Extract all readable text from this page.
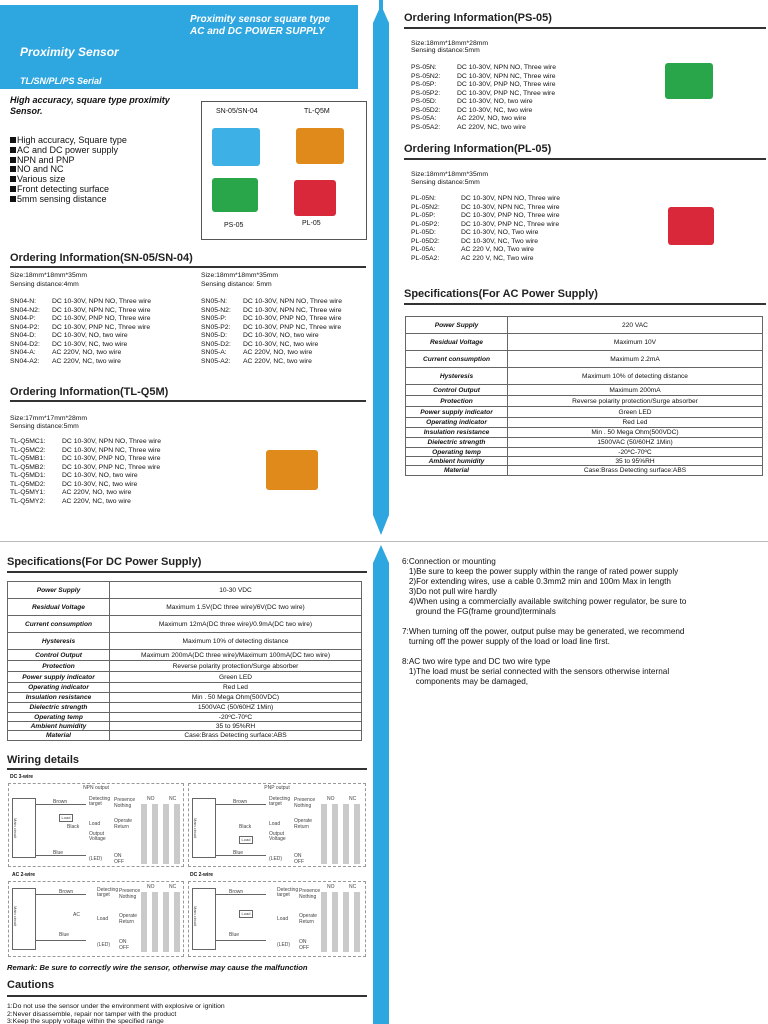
Proximity sensor square type
AC and DC POWER SUPPLY
Proximity Sensor
TL/SN/PL/PS Serial
High accuracy, square type proximity Sensor.
High accuracy, Square type
AC and DC power supply
NPN and PNP
NO and NC
Various size
Front detecting surface
5mm sensing distance
SN-05/SN-04	TL-Q5M
PS-05	PL-05
Ordering Information(SN-05/SN-04)
Size:18mm*18mm*35mm
Sensing distance:4mm
Size:18mm*18mm*35mm
Sensing distance: 5mm
SN04-N: DC 10-30V, NPN NO, Three wire
SN04-N2: DC 10-30V, NPN NC, Three wire
SN04-P: DC 10-30V, PNP NO, Three wire
SN04-P2: DC 10-30V, PNP NC, Three wire
SN04-D: DC 10-30V, NO, two wire
SN04-D2: DC 10-30V, NC, two wire
SN04-A: AC 220V, NO, two wire
SN04-A2: AC 220V, NC, two wire
SN05-N: DC 10-30V, NPN NO, Three wire
SN05-N2: DC 10-30V, NPN NC, Three wire
SN05-P: DC 10-30V, PNP NO, Three wire
SN05-P2: DC 10-30V, PNP NC, Three wire
SN05-D: DC 10-30V, NO, two wire
SN05-D2: DC 10-30V, NC, two wire
SN05-A: AC 220V, NO, two wire
SN05-A2: AC 220V, NC, two wire
Ordering Information(TL-Q5M)
Size:17mm*17mm*28mm
Sensing distance:5mm
TL-Q5MC1: DC 10-30V, NPN NO, Three wire
TL-Q5MC2: DC 10-30V, NPN NC, Three wire
TL-Q5MB1: DC 10-30V, PNP NO, Three wire
TL-Q5MB2: DC 10-30V, PNP NC, Three wire
TL-Q5MD1: DC 10-30V, NO, two wire
TL-Q5MD2: DC 10-30V, NC, two wire
TL-Q5MY1: AC 220V, NO, two wire
TL-Q5MY2: AC 220V, NC, two wire
Ordering Information(PS-05)
Size:18mm*18mm*28mm
Sensing distance:5mm
PS-05N:	DC 10-30V, NPN NO, Three wire
PS-05N2: DC 10-30V, NPN NC, Three wire
PS-05P:	DC 10-30V, PNP NO, Three wire
PS-05P2: DC 10-30V, PNP NC, Three wire
PS-05D:	DC 10-30V, NO, two wire
PS-05D2: DC 10-30V, NC, two wire
PS-05A:	AC 220V, NO, two wire
PS-05A2: AC 220V, NC, two wire
Ordering Information(PL-05)
Size:18mm*18mm*35mm
Sensing distance:5mm
PL-05N:	DC 10-30V, NPN NO, Three wire
PL-05N2:	DC 10-30V, NPN NC, Three wire
PL-05P:	DC 10-30V, PNP NO, Three wire
PL-05P2:	DC 10-30V, PNP NC, Three wire
PL-05D:	DC 10-30V, NO, Two wire
PL-05D2:	DC 10-30V, NC, Two wire
PL-05A:	AC 220 V, NO, Two wire
PL-05A2:	AC 220 V, NC, Two wire
Specifications(For AC Power Supply)
Power Supply	220 VAC
Residual Voltage	Maximum 10V
Current consumption	Maximum 2.2mA
Hysteresis	Maximum 10% of detecting distance
Control Output	Maximum 200mA
Protection	Reverse polarity protection/Surge absorber
Power supply indicator	Green LED
Operating indicator	Red Led
Insulation resistance	Min . 50 Mega Ohm(500VDC)
Dielectric strength	1500VAC (50/60HZ 1Min)
Operating temp	-20ºC-70ºC
Ambient humidity	35 to 95%RH
Material	Case:Brass Detecting surface:ABS
Specifications(For DC Power Supply)
Power Supply	10-30 VDC
Residual Voltage	Maximum 1.5V(DC three wire)/6V(DC two wire)
Current consumption	Maximum 12mA(DC three wire)/0.9mA(DC two wire)
Hysteresis	Maximum 10% of detecting distance
Control Output	Maximum 200mA(DC three wire)/Maximum 100mA(DC two wire)
Protection	Reverse polarity protection/Surge absorber
Power supply indicator	Green LED
Operating indicator	Red Led
Insulation resistance	Min . 50 Mega Ohm(500VDC)
Dielectric strength	1500VAC (50/60HZ 1Min)
Operating temp	-20ºC-70ºC
Ambient humidity	35 to 95%RH
Material	Case:Brass Detecting surface:ABS
Wiring details
DC 3-wire
NPN output
Main circuit
Brown
Load
Black
Blue
Detecting target
Presence
Nothing
Load	Operate
Return
Output Voltage
(LED) ON
OFF
NO	NC
PNP output
Main circuit
Brown
Load
Black
Blue
Detecting target
Presence
Nothing
Load	Operate
Return
Output Voltage
(LED) ON
OFF
NO	NC
AC 2-wire	DC 2-wire
Main circuit
Brown
AC
Blue
Detecting target
Presence
Nothing
Load Operate
Return
(LED) ON
OFF
NO	NC
Main circuit
Brown
Load
Blue
Detecting target
Presence
Nothing
Load Operate
Return
(LED) ON
OFF
NO	NC
Remark: Be sure to correctly wire the sensor, otherwise may cause the malfunction
Cautions
1:Do not use the sensor under the environment with explosive or ignition
2:Never disassemble, repair nor tamper with the product
3:Keep the supply voltage within the specified range
6:Connection or mounting
1)Be sure to keep the power supply within the range of rated power supply
2)For extending wires, use a cable 0.3mm2 min and 100m Max in length
3)Do not pull wire hardly
4)When using a commercially available switching power regulator, be sure to
ground the FG(frame ground)terminals
7:When turning off the power, output pulse may be generated, we recommend
turning off the power supply of the load or load line first.
8:AC two wire type and DC two wire type
1)The load must be serial connected with the sensors otherwise internal
components may be damaged,
